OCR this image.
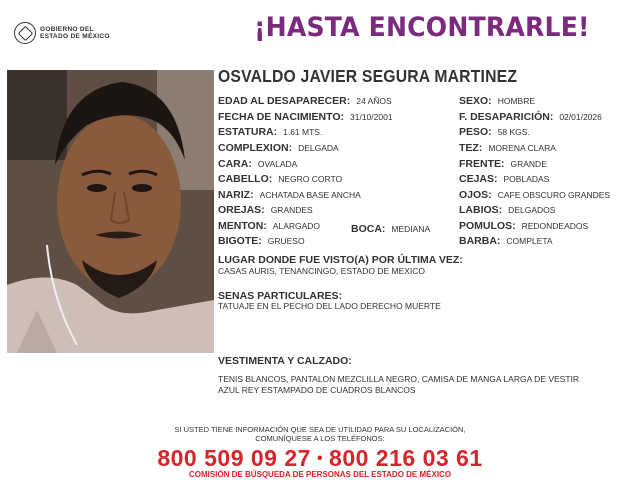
GOBIERNO DEL
ESTADO DE MÉXICO	¡HASTA ENCONTRARLE!
OSVALDO JAVIER SEGURA MARTINEZ
EDAD AL DESAPARECER: 24 AÑOS
FECHA DE NACIMIENTO: 31/10/2001
ESTATURA: 1.61 MTS.
COMPLEXION: DELGADA
CARA: OVALADA
CABELLO: NEGRO CORTO
NARIZ: ACHATADA BASE ANCHA
OREJAS: GRANDES
MENTON: ALARGADO
BIGOTE: GRUESO
BOCA: MEDIANA
SEXO: HOMBRE
F. DESAPARICIÓN: 02/01/2026
PESO: 58 KGS.
TEZ: MORENA CLARA
FRENTE: GRANDE
CEJAS: POBLADAS
OJOS: CAFE OBSCURO GRANDES
LABIOS: DELGADOS
POMULOS: REDONDEADOS
BARBA: COMPLETA
LUGAR DONDE FUE VISTO(A) POR ÚLTIMA VEZ:
CASAS AURIS, TENANCINGO, ESTADO DE MEXICO
SENAS PARTICULARES:
TATUAJE EN EL PECHO DEL LADO DERECHO MUERTE
VESTIMENTA Y CALZADO:
TENIS BLANCOS, PANTALON MEZCLILLA NEGRO, CAMISA DE MANGA LARGA DE VESTIR
AZUL REY ESTAMPADO DE CUADROS BLANCOS
SI USTED TIENE INFORMACIÓN QUE SEA DE UTILIDAD PARA SU LOCALIZACIÓN,
COMUNÍQUESE A LOS TELÉFONOS:
800 509 09 27 • 800 216 03 61
COMISIÓN DE BÚSQUEDA DE PERSONAS DEL ESTADO DE MÉXICO
